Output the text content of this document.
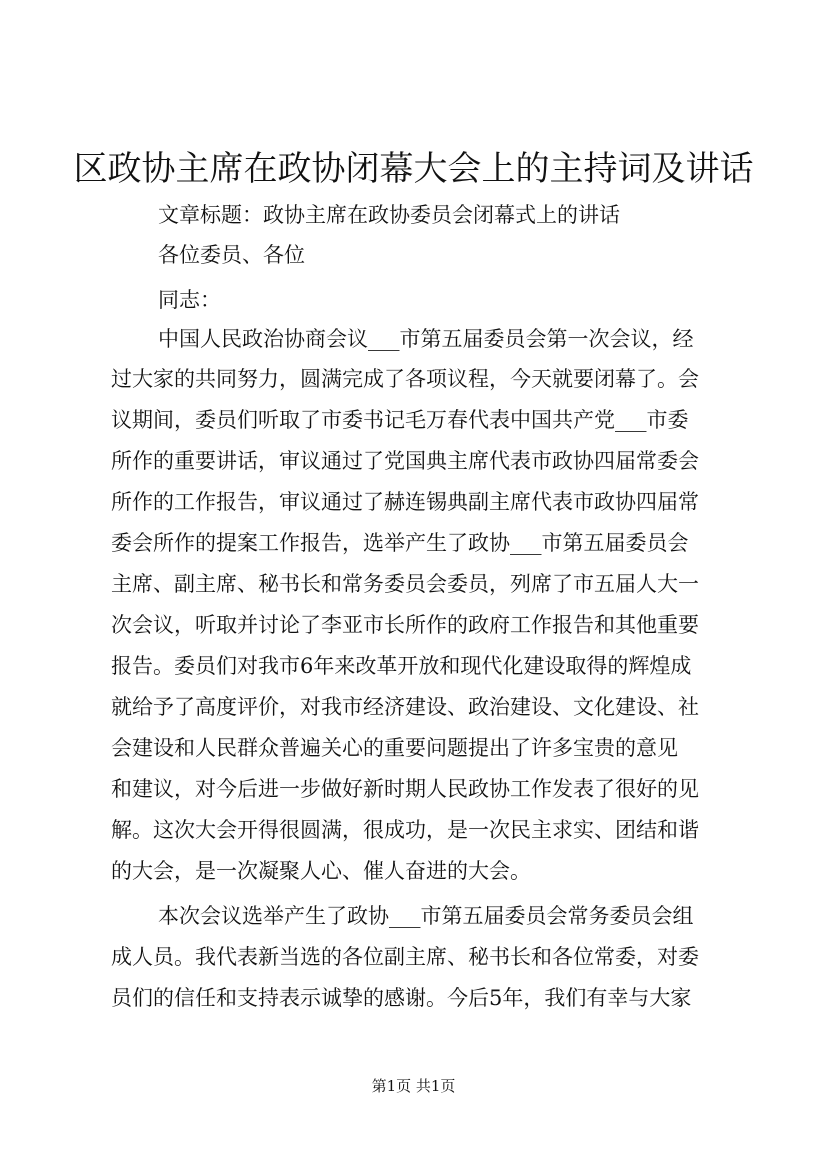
区政协主席在政协闭幕大会上的主持词及讲话
文章标题：政协主席在政协委员会闭幕式上的讲话
各位委员、各位
同志：
中国人民政治协商会议___市第五届委员会第一次会议，经
过大家的共同努力，圆满完成了各项议程，今天就要闭幕了。会
议期间，委员们听取了市委书记毛万春代表中国共产党___市委
所作的重要讲话，审议通过了党国典主席代表市政协四届常委会
所作的工作报告，审议通过了赫连锡典副主席代表市政协四届常
委会所作的提案工作报告，选举产生了政协___市第五届委员会
主席、副主席、秘书长和常务委员会委员，列席了市五届人大一
次会议，听取并讨论了李亚市长所作的政府工作报告和其他重要
报告。委员们对我市6年来改革开放和现代化建设取得的辉煌成
就给予了高度评价，对我市经济建设、政治建设、文化建设、社
会建设和人民群众普遍关心的重要问题提出了许多宝贵的意见
和建议，对今后进一步做好新时期人民政协工作发表了很好的见
解。这次大会开得很圆满，很成功，是一次民主求实、团结和谐
的大会，是一次凝聚人心、催人奋进的大会。
本次会议选举产生了政协___市第五届委员会常务委员会组
成人员。我代表新当选的各位副主席、秘书长和各位常委，对委
员们的信任和支持表示诚挚的感谢。今后5年，我们有幸与大家
第1页 共1页
